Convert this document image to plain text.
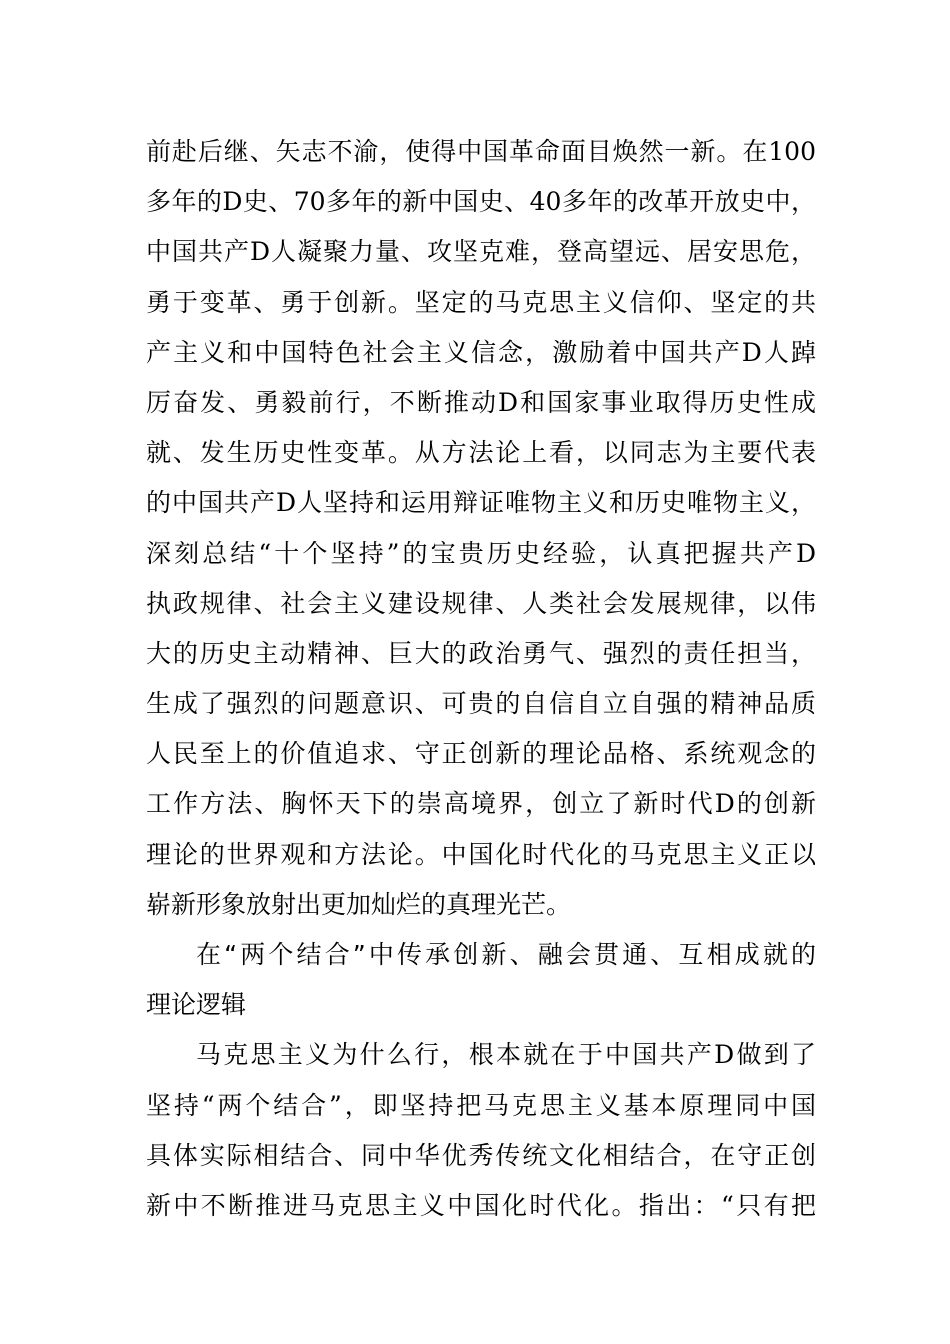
前赴后继、矢志不渝，使得中国革命面目焕然一新。在100
多年的D史、70多年的新中国史、40多年的改革开放史中，
中国共产D人凝聚力量、攻坚克难，登高望远、居安思危，
勇于变革、勇于创新。坚定的马克思主义信仰、坚定的共
产主义和中国特色社会主义信念，激励着中国共产D人踔
厉奋发、勇毅前行，不断推动D和国家事业取得历史性成
就、发生历史性变革。从方法论上看，以同志为主要代表
的中国共产D人坚持和运用辩证唯物主义和历史唯物主义，
深刻总结“十个坚持”的宝贵历史经验，认真把握共产D
执政规律、社会主义建设规律、人类社会发展规律，以伟
大的历史主动精神、巨大的政治勇气、强烈的责任担当，
生成了强烈的问题意识、可贵的自信自立自强的精神品质
人民至上的价值追求、守正创新的理论品格、系统观念的
工作方法、胸怀天下的崇高境界，创立了新时代D的创新
理论的世界观和方法论。中国化时代化的马克思主义正以
崭新形象放射出更加灿烂的真理光芒。
在“两个结合”中传承创新、融会贯通、互相成就的
理论逻辑
马克思主义为什么行，根本就在于中国共产D做到了
坚持“两个结合”，即坚持把马克思主义基本原理同中国
具体实际相结合、同中华优秀传统文化相结合，在守正创
新中不断推进马克思主义中国化时代化。指出：“只有把
